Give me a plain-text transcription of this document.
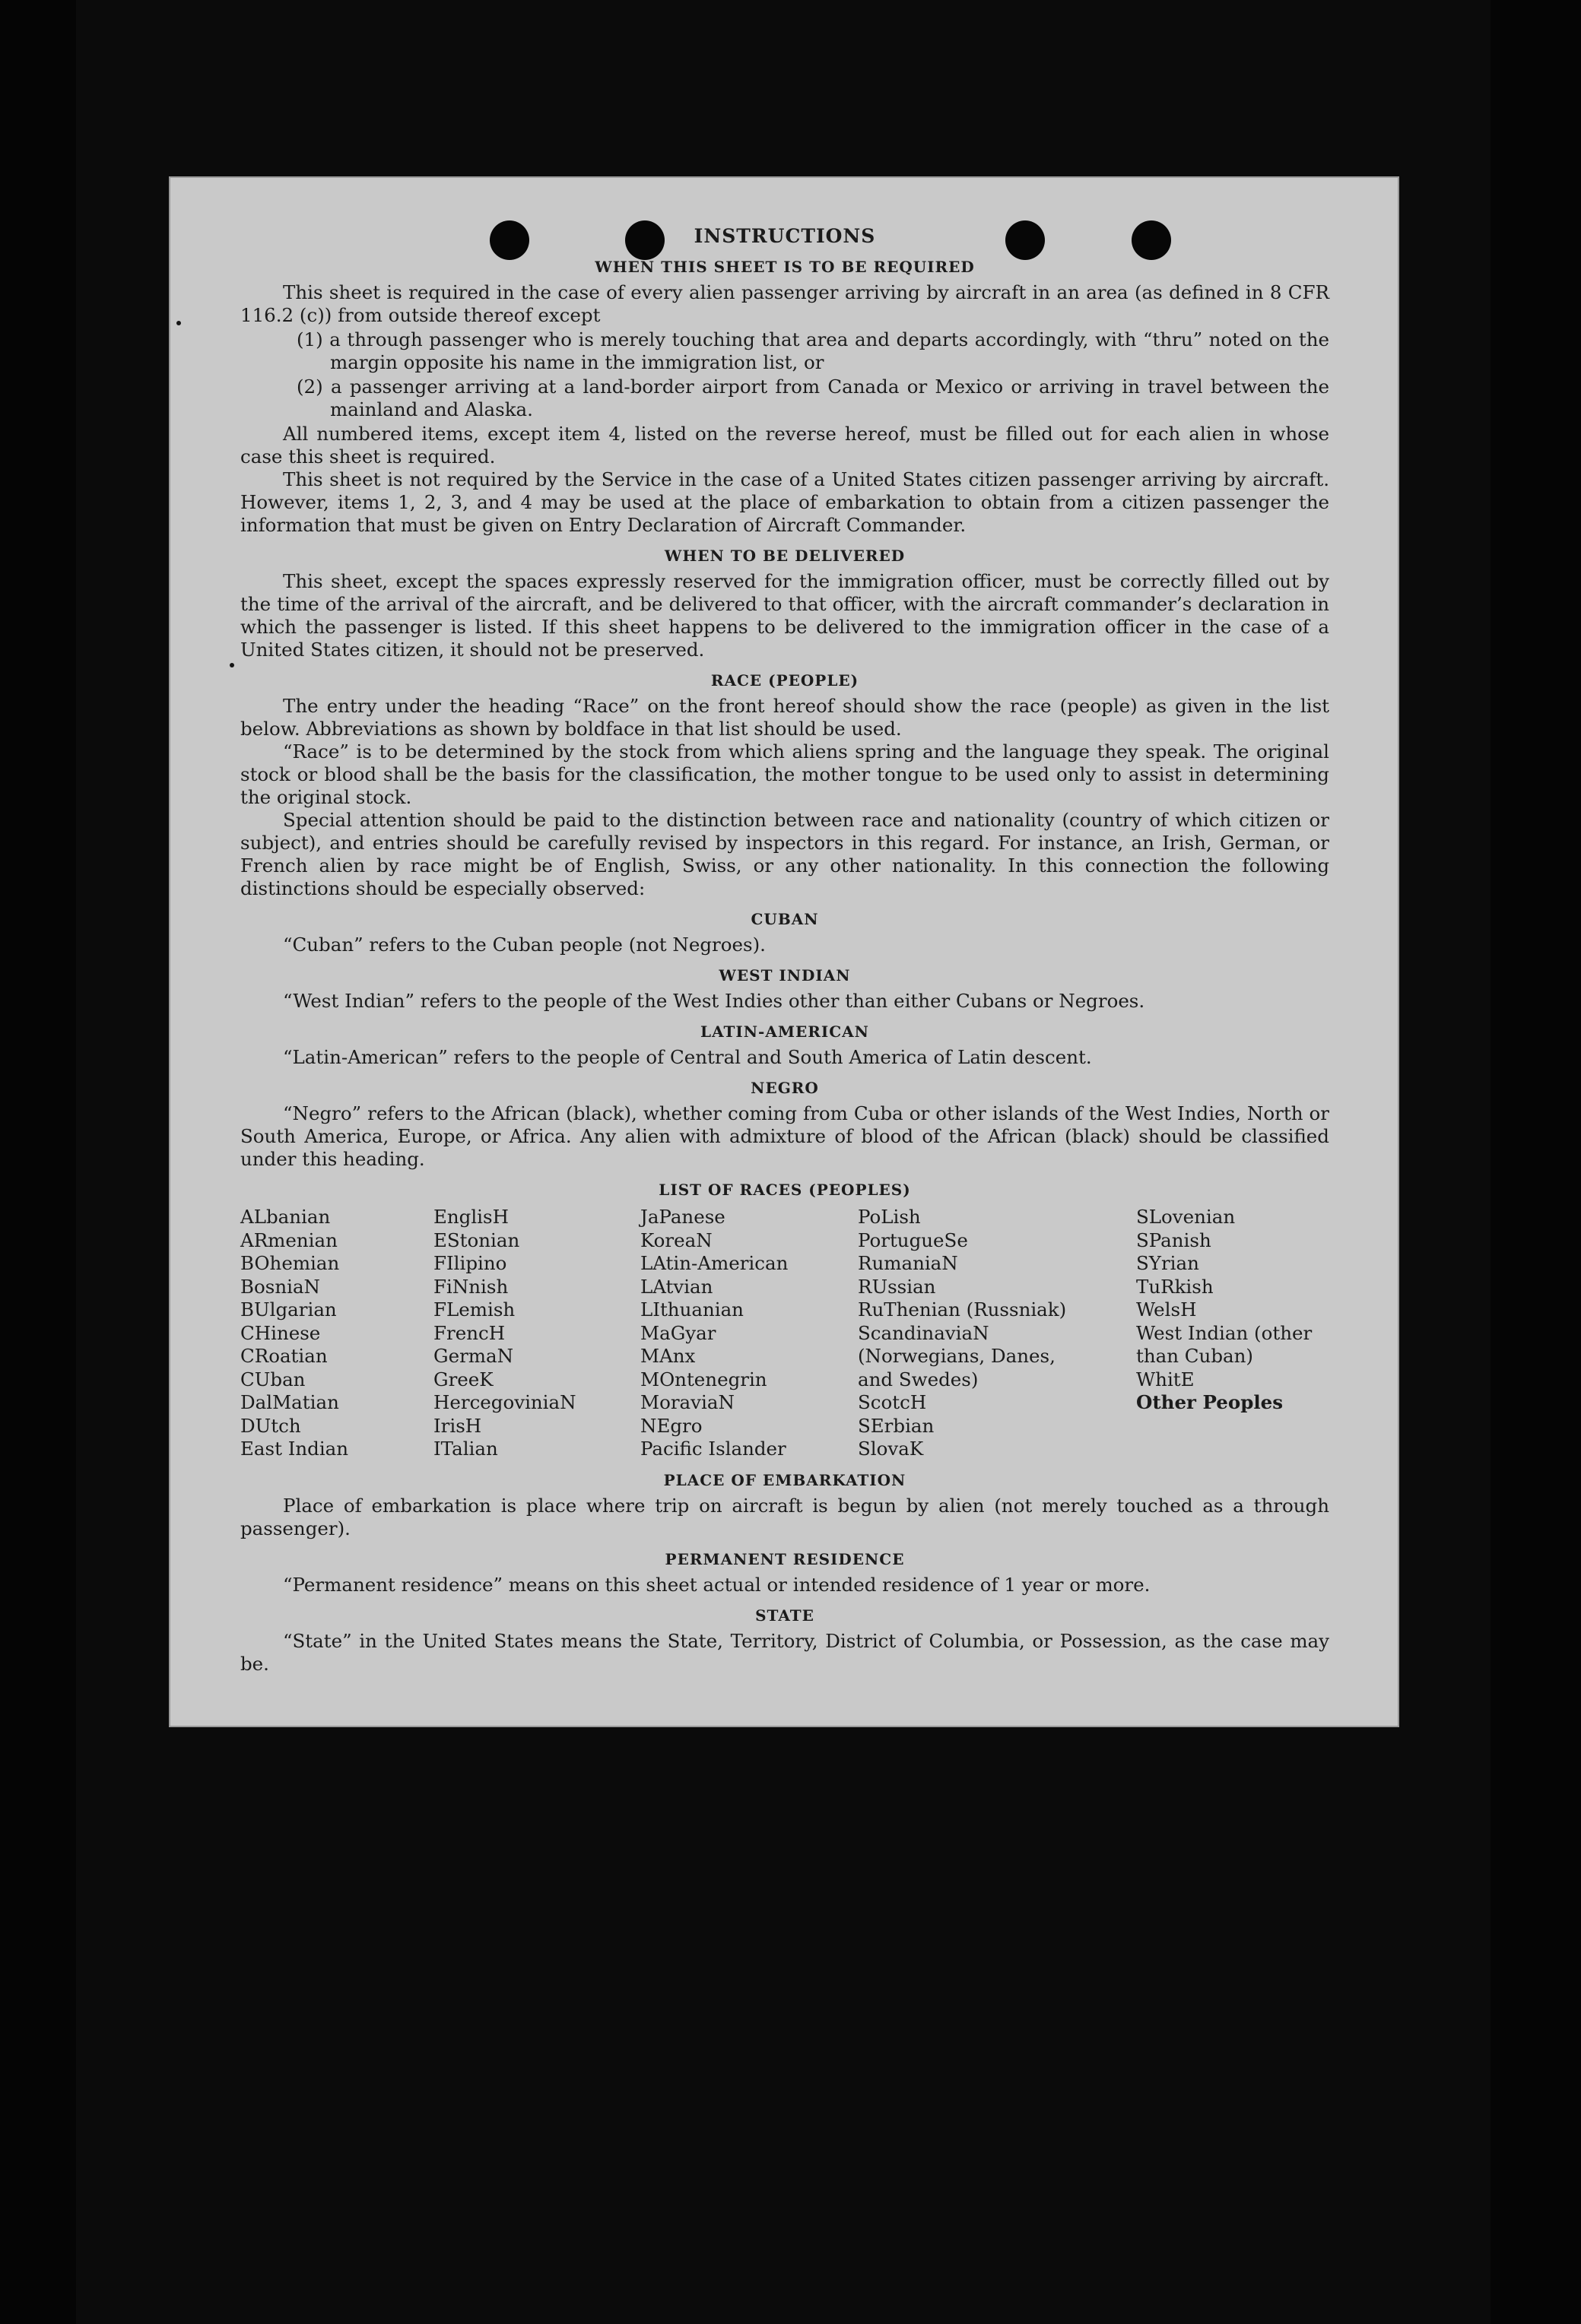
INSTRUCTIONS
WHEN THIS SHEET IS TO BE REQUIRED

This sheet is required in the case of every alien passenger arriving by aircraft in an area (as defined in 8 CFR 116.2 (c)) from outside thereof except

(1) a through passenger who is merely touching that area and departs accordingly, with “thru” noted on the margin opposite his name in the immigration list, or

(2) a passenger arriving at a land-border airport from Canada or Mexico or arriving in travel between the mainland and Alaska.

All numbered items, except item 4, listed on the reverse hereof, must be filled out for each alien in whose case this sheet is required.

This sheet is not required by the Service in the case of a United States citizen passenger arriving by aircraft. However, items 1, 2, 3, and 4 may be used at the place of embarkation to obtain from a citizen passenger the information that must be given on Entry Declaration of Aircraft Commander.

WHEN TO BE DELIVERED

This sheet, except the spaces expressly reserved for the immigration officer, must be correctly filled out by the time of the arrival of the aircraft, and be delivered to that officer, with the aircraft commander’s declaration in which the passenger is listed. If this sheet happens to be delivered to the immigration officer in the case of a United States citizen, it should not be preserved.

RACE (PEOPLE)

The entry under the heading “Race” on the front hereof should show the race (people) as given in the list below. Abbreviations as shown by boldface in that list should be used.

“Race” is to be determined by the stock from which aliens spring and the language they speak. The original stock or blood shall be the basis for the classification, the mother tongue to be used only to assist in determining the original stock.

Special attention should be paid to the distinction between race and nationality (country of which citizen or subject), and entries should be carefully revised by inspectors in this regard. For instance, an Irish, German, or French alien by race might be of English, Swiss, or any other nationality. In this connection the following distinctions should be especially observed:

CUBAN

“Cuban” refers to the Cuban people (not Negroes).

WEST INDIAN

“West Indian” refers to the people of the West Indies other than either Cubans or Negroes.

LATIN-AMERICAN

“Latin-American” refers to the people of Central and South America of Latin descent.

NEGRO

“Negro” refers to the African (black), whether coming from Cuba or other islands of the West Indies, North or South America, Europe, or Africa. Any alien with admixture of blood of the African (black) should be classified under this heading.

LIST OF RACES (PEOPLES)
ALbanian
ARmenian
BOhemian
BosniaN
BUlgarian
CHinese
CRoatian
CUban
DalMatian
DUtch
East Indian
EnglisH
EStonian
FIlipino
FiNnish
FLemish
FrencH
GermaN
GreeK
HercegoviniaN
IrisH
ITalian
JaPanese
KoreaN
LAtin-American
LAtvian
LIthuanian
MaGyar
MAnx
MOntenegrin
MoraviaN
NEgro
Pacific Islander
PoLish
PortugueSe
RumaniaN
RUssian
RuThenian (Russniak)
ScandinaviaN (Norwegians, Danes, and Swedes)
ScotcH
SErbian
SlovaK
SLovenian
SPanish
SYrian
TuRkish
WelsH
West Indian (other than Cuban)
WhitE
Other Peoples
PLACE OF EMBARKATION

Place of embarkation is place where trip on aircraft is begun by alien (not merely touched as a through passenger).

PERMANENT RESIDENCE

“Permanent residence” means on this sheet actual or intended residence of 1 year or more.

STATE

“State” in the United States means the State, Territory, District of Columbia, or Possession, as the case may be.
